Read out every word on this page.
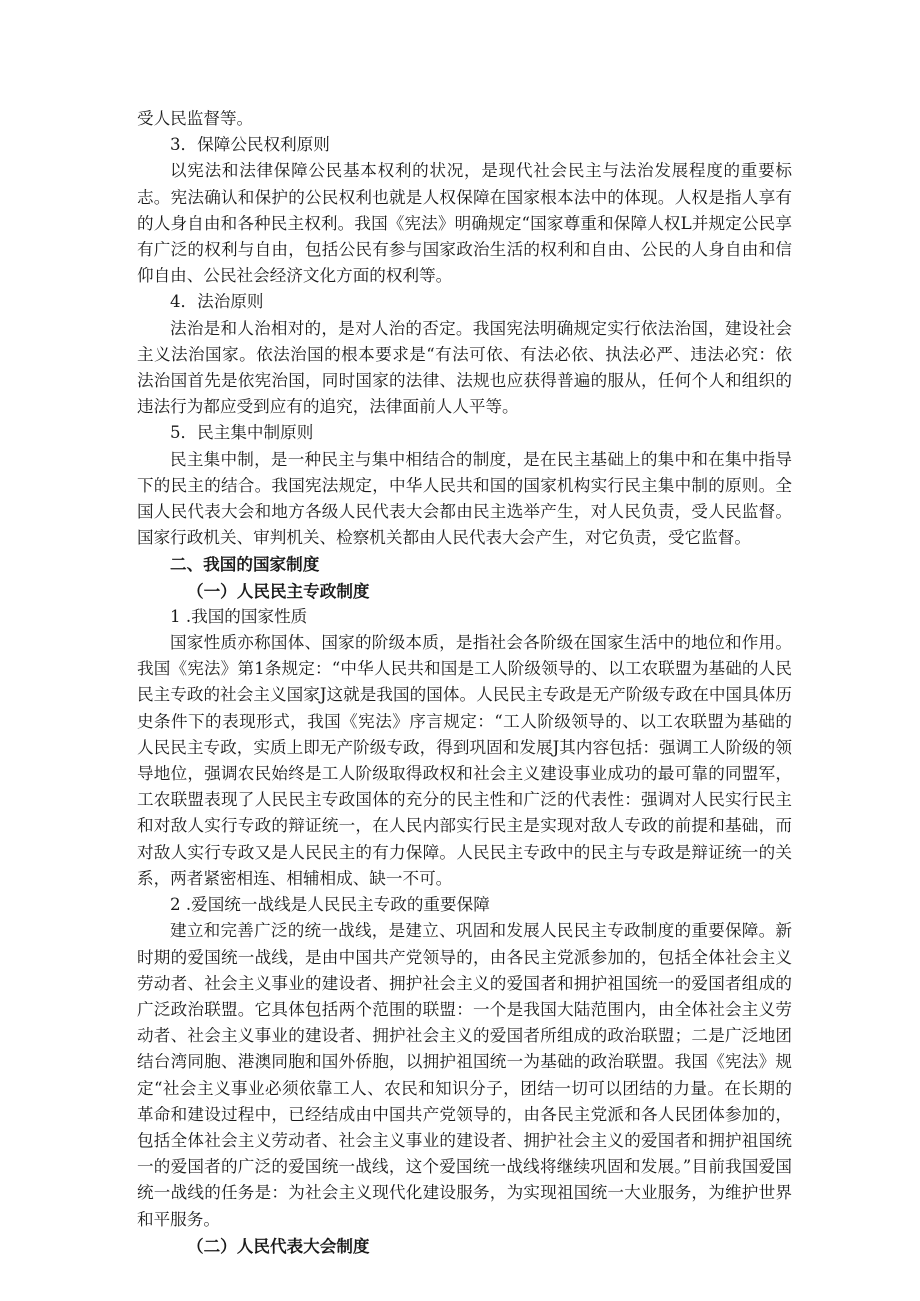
受人民监督等。

3．保障公民权利原则

以宪法和法律保障公民基本权利的状况，是现代社会民主与法治发展程度的重要标志。宪法确认和保护的公民权利也就是人权保障在国家根本法中的体现。人权是指人享有的人身自由和各种民主权利。我国《宪法》明确规定“国家尊重和保障人权L并规定公民享有广泛的权利与自由，包括公民有参与国家政治生活的权利和自由、公民的人身自由和信仰自由、公民社会经济文化方面的权利等。

4．法治原则

法治是和人治相对的，是对人治的否定。我国宪法明确规定实行依法治国，建设社会主义法治国家。依法治国的根本要求是“有法可依、有法必依、执法必严、违法必究：依法治国首先是依宪治国，同时国家的法律、法规也应获得普遍的服从，任何个人和组织的违法行为都应受到应有的追究，法律面前人人平等。

5．民主集中制原则

民主集中制，是一种民主与集中相结合的制度，是在民主基础上的集中和在集中指导下的民主的结合。我国宪法规定，中华人民共和国的国家机构实行民主集中制的原则。全国人民代表大会和地方各级人民代表大会都由民主选举产生，对人民负责，受人民监督。国家行政机关、审判机关、检察机关都由人民代表大会产生，对它负责，受它监督。

二、我国的国家制度

（一）人民民主专政制度

1 .我国的国家性质

国家性质亦称国体、国家的阶级本质，是指社会各阶级在国家生活中的地位和作用。我国《宪法》第1条规定：“中华人民共和国是工人阶级领导的、以工农联盟为基础的人民民主专政的社会主义国家J这就是我国的国体。人民民主专政是无产阶级专政在中国具体历史条件下的表现形式，我国《宪法》序言规定：“工人阶级领导的、以工农联盟为基础的人民民主专政，实质上即无产阶级专政，得到巩固和发展J其内容包括：强调工人阶级的领导地位，强调农民始终是工人阶级取得政权和社会主义建设事业成功的最可靠的同盟军，工农联盟表现了人民民主专政国体的充分的民主性和广泛的代表性：强调对人民实行民主和对敌人实行专政的辩证统一，在人民内部实行民主是实现对敌人专政的前提和基础，而对敌人实行专政又是人民民主的有力保障。人民民主专政中的民主与专政是辩证统一的关系，两者紧密相连、相辅相成、缺一不可。

2 .爱国统一战线是人民民主专政的重要保障

建立和完善广泛的统一战线，是建立、巩固和发展人民民主专政制度的重要保障。新时期的爱国统一战线，是由中国共产党领导的，由各民主党派参加的，包括全体社会主义劳动者、社会主义事业的建设者、拥护社会主义的爱国者和拥护祖国统一的爱国者组成的广泛政治联盟。它具体包括两个范围的联盟：一个是我国大陆范围内，由全体社会主义劳动者、社会主义事业的建设者、拥护社会主义的爱国者所组成的政治联盟；二是广泛地团结台湾同胞、港澳同胞和国外侨胞，以拥护祖国统一为基础的政治联盟。我国《宪法》规定“社会主义事业必须依靠工人、农民和知识分子，团结一切可以团结的力量。在长期的革命和建设过程中，已经结成由中国共产党领导的，由各民主党派和各人民团体参加的，包括全体社会主义劳动者、社会主义事业的建设者、拥护社会主义的爱国者和拥护祖国统一的爱国者的广泛的爱国统一战线，这个爱国统一战线将继续巩固和发展。”目前我国爱国统一战线的任务是：为社会主义现代化建设服务，为实现祖国统一大业服务，为维护世界和平服务。

（二）人民代表大会制度
